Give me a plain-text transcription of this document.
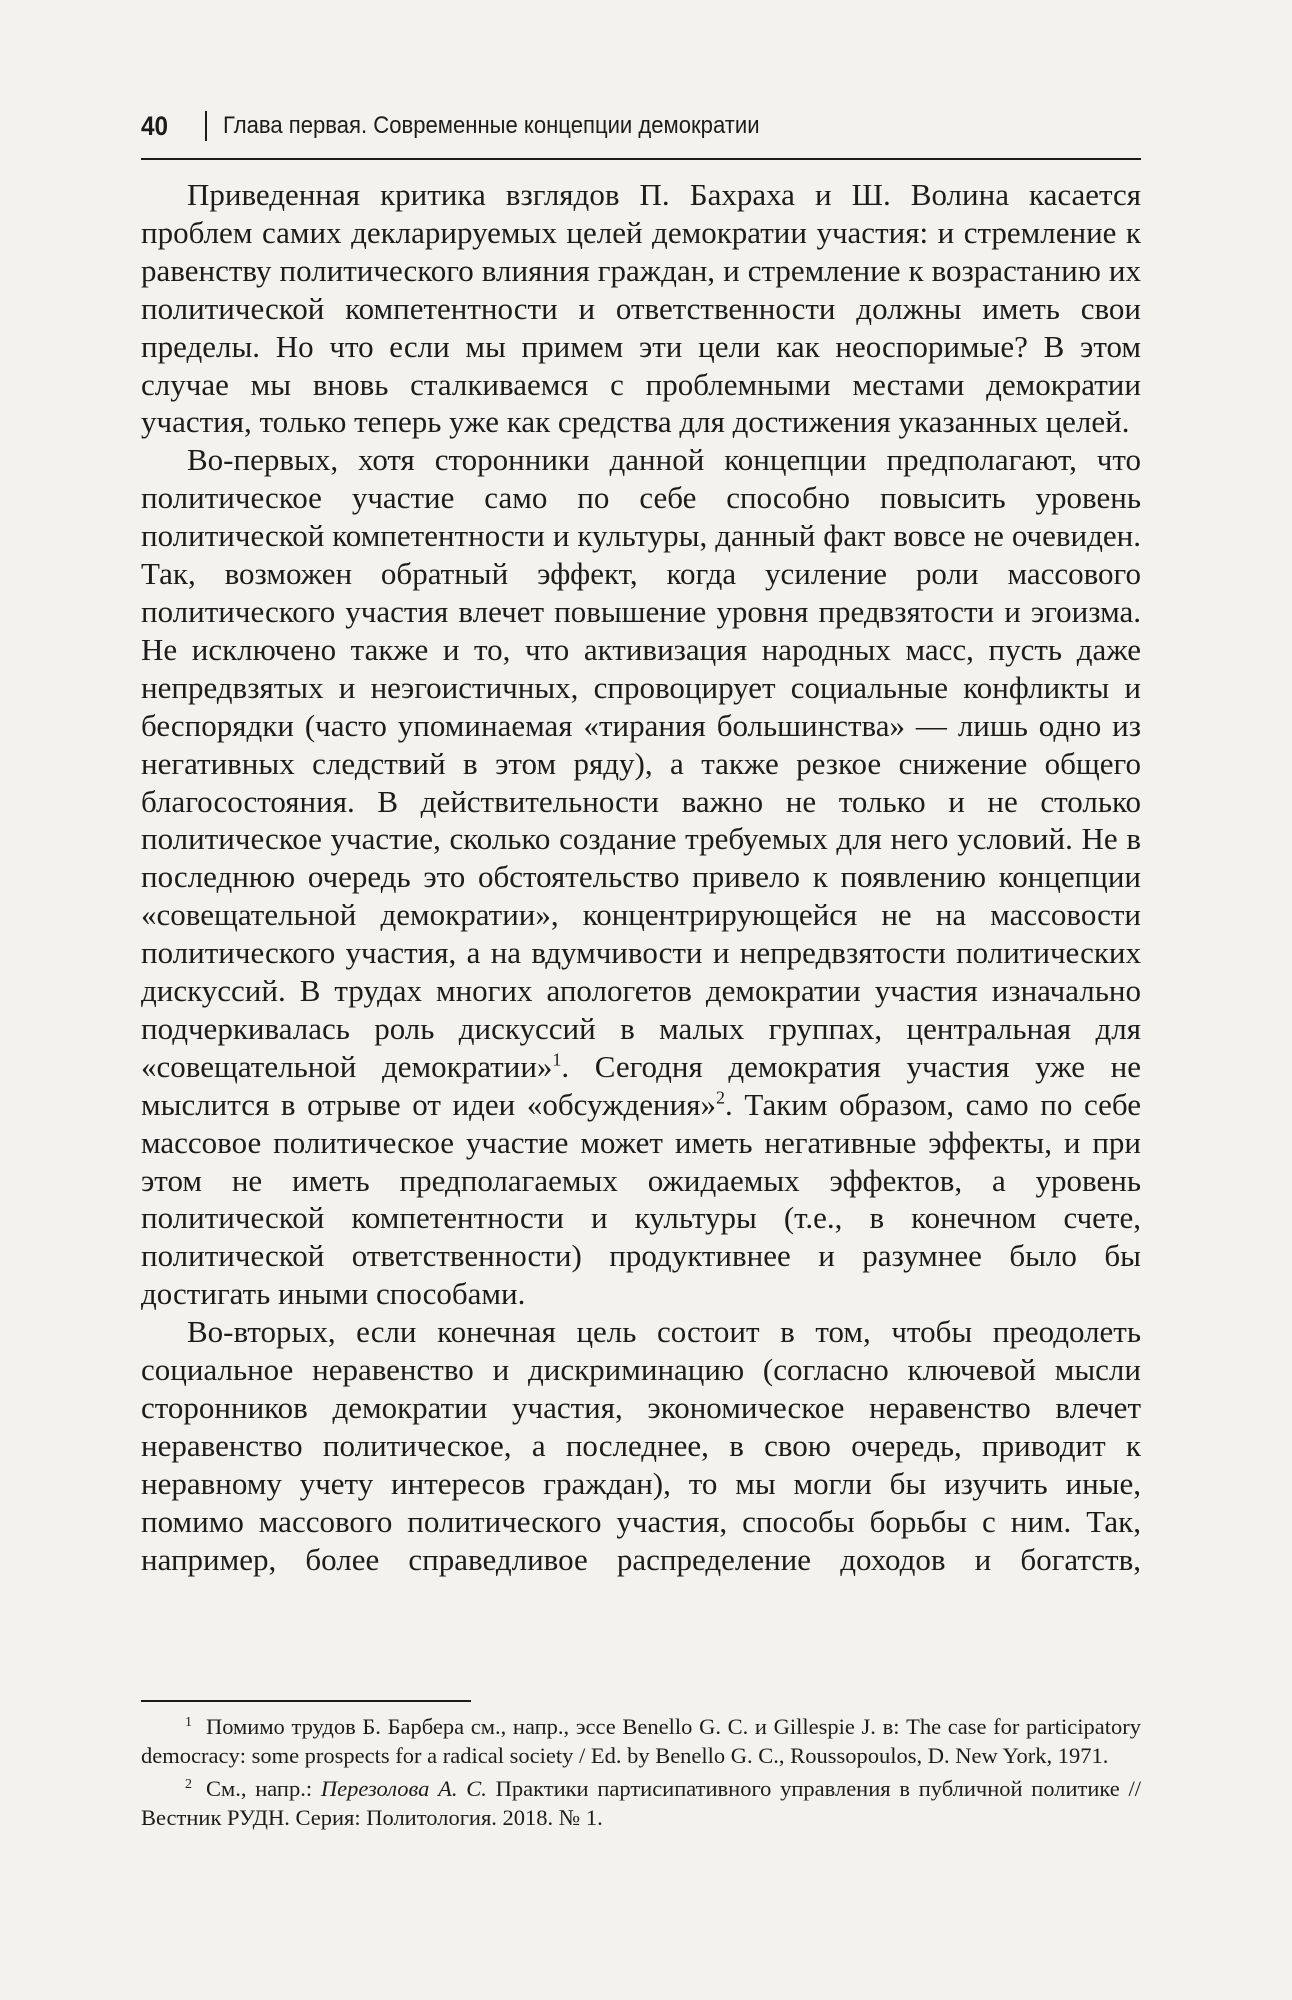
40	Глава первая. Современные концепции демократии

Приведенная критика взглядов П. Бахраха и Ш. Волина касается проблем самих декларируемых целей демократии участия: и стремление к равенству политического влияния граждан, и стремление к возрастанию их политической компетентности и ответственности должны иметь свои пределы. Но что если мы примем эти цели как неоспоримые? В этом случае мы вновь сталкиваемся с проблемными местами демократии участия, только теперь уже как средства для достижения указанных целей.

Во-первых, хотя сторонники данной концепции предполагают, что политическое участие само по себе способно повысить уровень политической компетентности и культуры, данный факт вовсе не очевиден. Так, возможен обратный эффект, когда усиление роли массового политического участия влечет повышение уровня предвзятости и эгоизма. Не исключено также и то, что активизация народных масс, пусть даже непредвзятых и неэгоистичных, спровоцирует социальные конфликты и беспорядки (часто упоминаемая «тирания большинства» — лишь одно из негативных следствий в этом ряду), а также резкое снижение общего благосостояния. В действительности важно не только и не столько политическое участие, сколько создание требуемых для него условий. Не в последнюю очередь это обстоятельство привело к появлению концепции «совещательной демократии», концентрирующейся не на массовости политического участия, а на вдумчивости и непредвзятости политических дискуссий. В трудах многих апологетов демократии участия изначально подчеркивалась роль дискуссий в малых группах, центральная для «совещательной демократии»$^1$. Сегодня демократия участия уже не мыслится в отрыве от идеи «обсуждения»$^2$. Таким образом, само по себе массовое политическое участие может иметь негативные эффекты, и при этом не иметь предполагаемых ожидаемых эффектов, а уровень политической компетентности и культуры (т.е., в конечном счете, политической ответственности) продуктивнее и разумнее было бы достигать иными способами.

Во-вторых, если конечная цель состоит в том, чтобы преодолеть социальное неравенство и дискриминацию (согласно ключевой мысли сторонников демократии участия, экономическое неравенство влечет неравенство политическое, а последнее, в свою очередь, приводит к неравному учету интересов граждан), то мы могли бы изучить иные, помимо массового политического участия, способы борьбы с ним. Так, например, более справедливое распределение доходов и богатств,

$^1$ Помимо трудов Б. Барбера см., напр., эссе Benello G. C. и Gillespie J. в: The case for participatory democracy: some prospects for a radical society / Ed. by Benello G. C., Roussopoulos, D. New York, 1971.

$^2$ См., напр.: Перезолова А. С. Практики партисипативного управления в публичной политике // Вестник РУДН. Серия: Политология. 2018. № 1.
